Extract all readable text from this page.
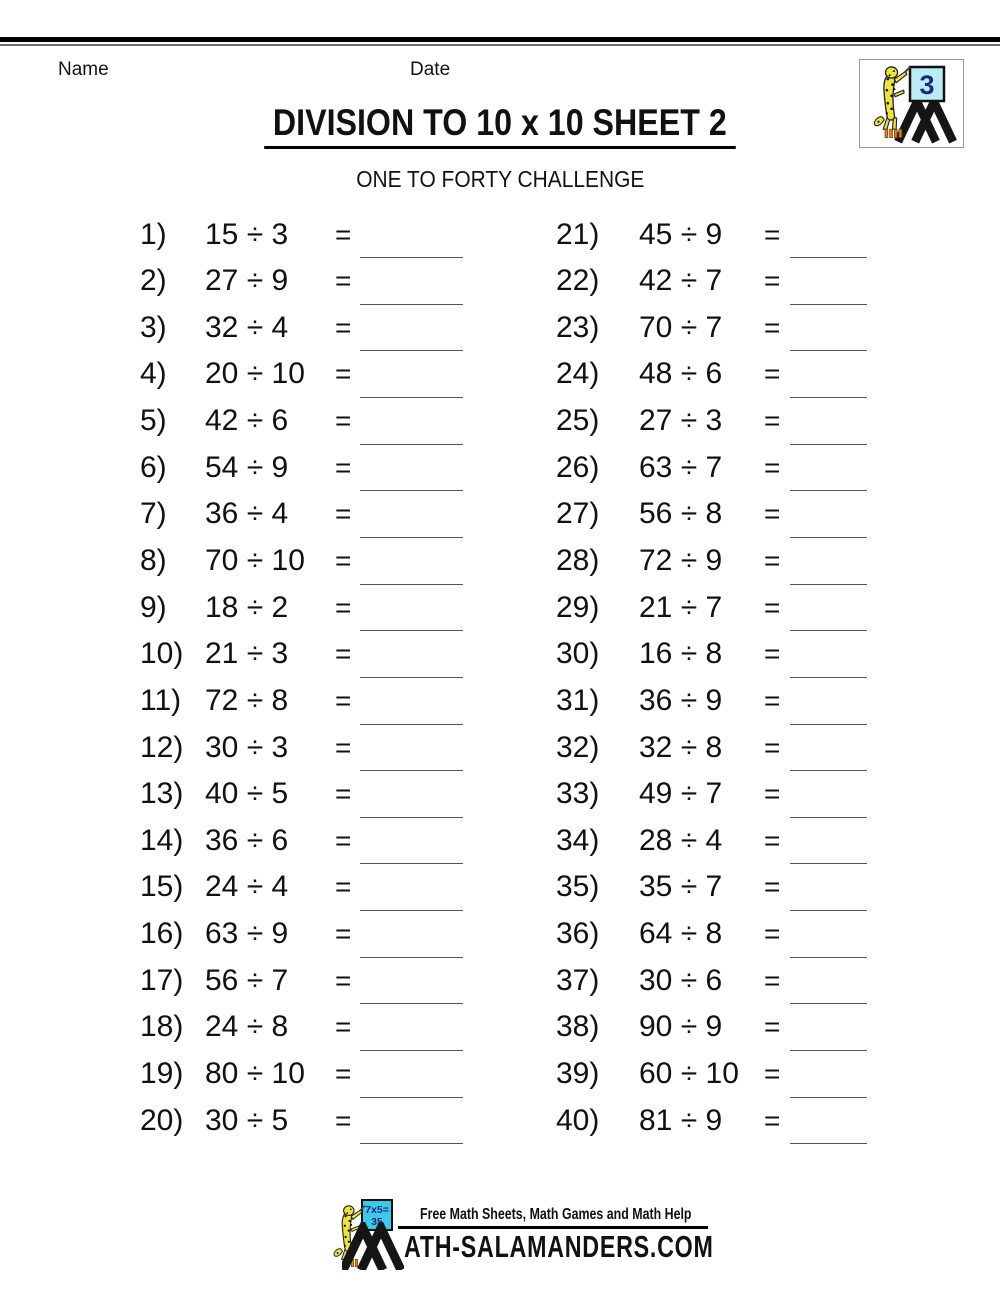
Name	Date
3
DIVISION TO 10 x 10 SHEET 2
ONE TO FORTY CHALLENGE
1) 15 ÷ 3 =
2) 27 ÷ 9 =
3) 32 ÷ 4 =
4) 20 ÷ 10 =
5) 42 ÷ 6 =
6) 54 ÷ 9 =
7) 36 ÷ 4 =
8) 70 ÷ 10 =
9) 18 ÷ 2 =
10) 21 ÷ 3 =
11) 72 ÷ 8 =
12) 30 ÷ 3 =
13) 40 ÷ 5 =
14) 36 ÷ 6 =
15) 24 ÷ 4 =
16) 63 ÷ 9 =
17) 56 ÷ 7 =
18) 24 ÷ 8 =
19) 80 ÷ 10 =
20) 30 ÷ 5 =
21) 45 ÷ 9 =
22) 42 ÷ 7 =
23) 70 ÷ 7 =
24) 48 ÷ 6 =
25) 27 ÷ 3 =
26) 63 ÷ 7 =
27) 56 ÷ 8 =
28) 72 ÷ 9 =
29) 21 ÷ 7 =
30) 16 ÷ 8 =
31) 36 ÷ 9 =
32) 32 ÷ 8 =
33) 49 ÷ 7 =
34) 28 ÷ 4 =
35) 35 ÷ 7 =
36) 64 ÷ 8 =
37) 30 ÷ 6 =
38) 90 ÷ 9 =
39) 60 ÷ 10 =
40) 81 ÷ 9 =
7x5=
35 Free Math Sheets, Math Games and Math Help
ATH-SALAMANDERS.COM
